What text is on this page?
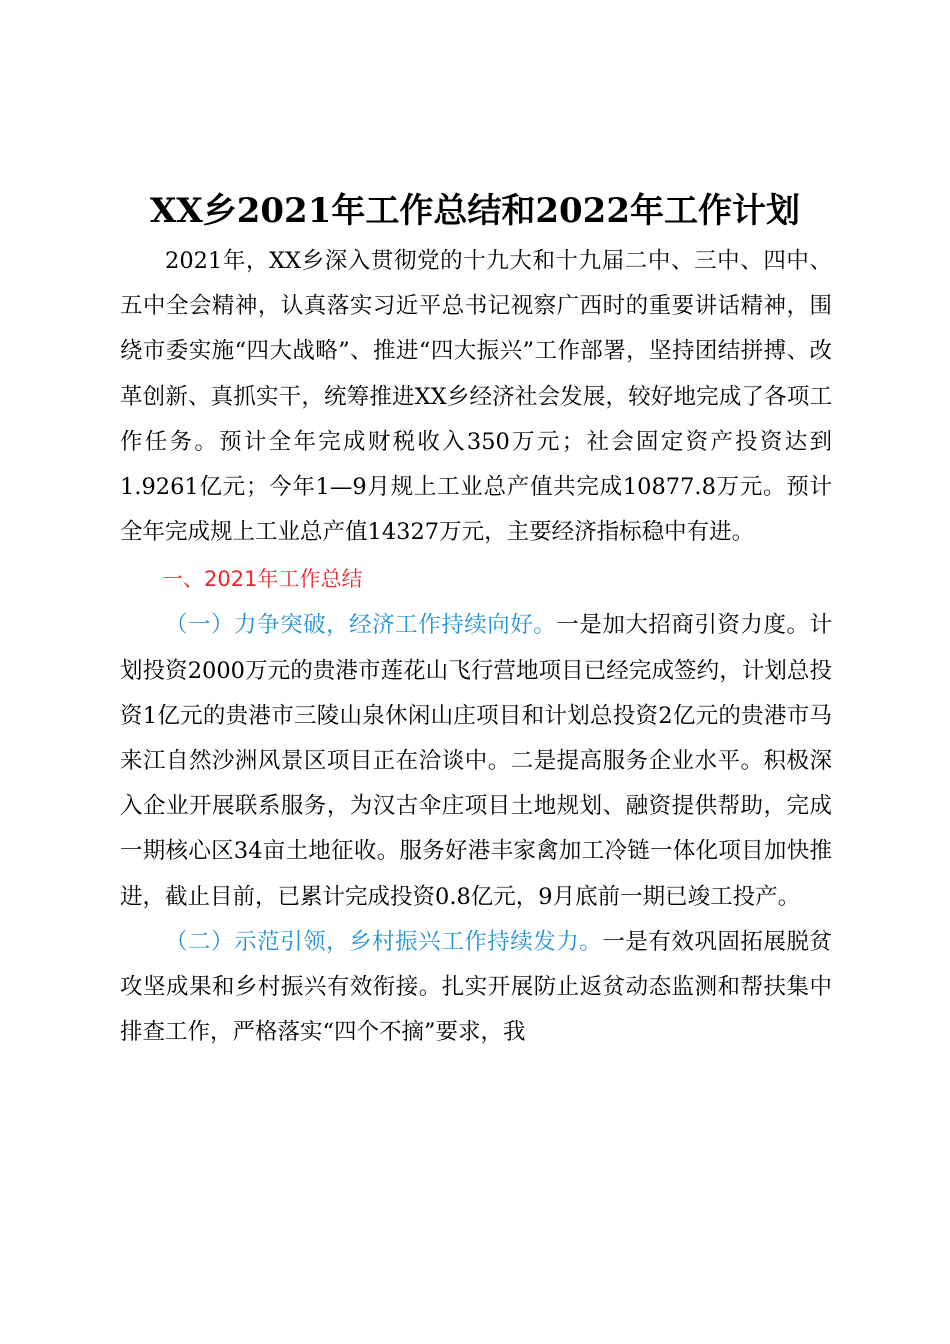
XX乡2021年工作总结和2022年工作计划

2021年，XX乡深入贯彻党的十九大和十九届二中、三中、四中、五中全会精神，认真落实习近平总书记视察广西时的重要讲话精神，围绕市委实施“四大战略”、推进“四大振兴”工作部署，坚持团结拼搏、改革创新、真抓实干，统筹推进XX乡经济社会发展，较好地完成了各项工作任务。预计全年完成财税收入350万元；社会固定资产投资达到1.9261亿元；今年1—9月规上工业总产值共完成10877.8万元。预计全年完成规上工业总产值14327万元，主要经济指标稳中有进。

一、2021年工作总结

（一）力争突破，经济工作持续向好。一是加大招商引资力度。计划投资2000万元的贵港市莲花山飞行营地项目已经完成签约，计划总投资1亿元的贵港市三陵山泉休闲山庄项目和计划总投资2亿元的贵港市马来江自然沙洲风景区项目正在洽谈中。二是提高服务企业水平。积极深入企业开展联系服务，为汉古伞庄项目土地规划、融资提供帮助，完成一期核心区34亩土地征收。服务好港丰家禽加工冷链一体化项目加快推进，截止目前，已累计完成投资0.8亿元，9月底前一期已竣工投产。

（二）示范引领，乡村振兴工作持续发力。一是有效巩固拓展脱贫攻坚成果和乡村振兴有效衔接。扎实开展防止返贫动态监测和帮扶集中排查工作，严格落实“四个不摘”要求，我
